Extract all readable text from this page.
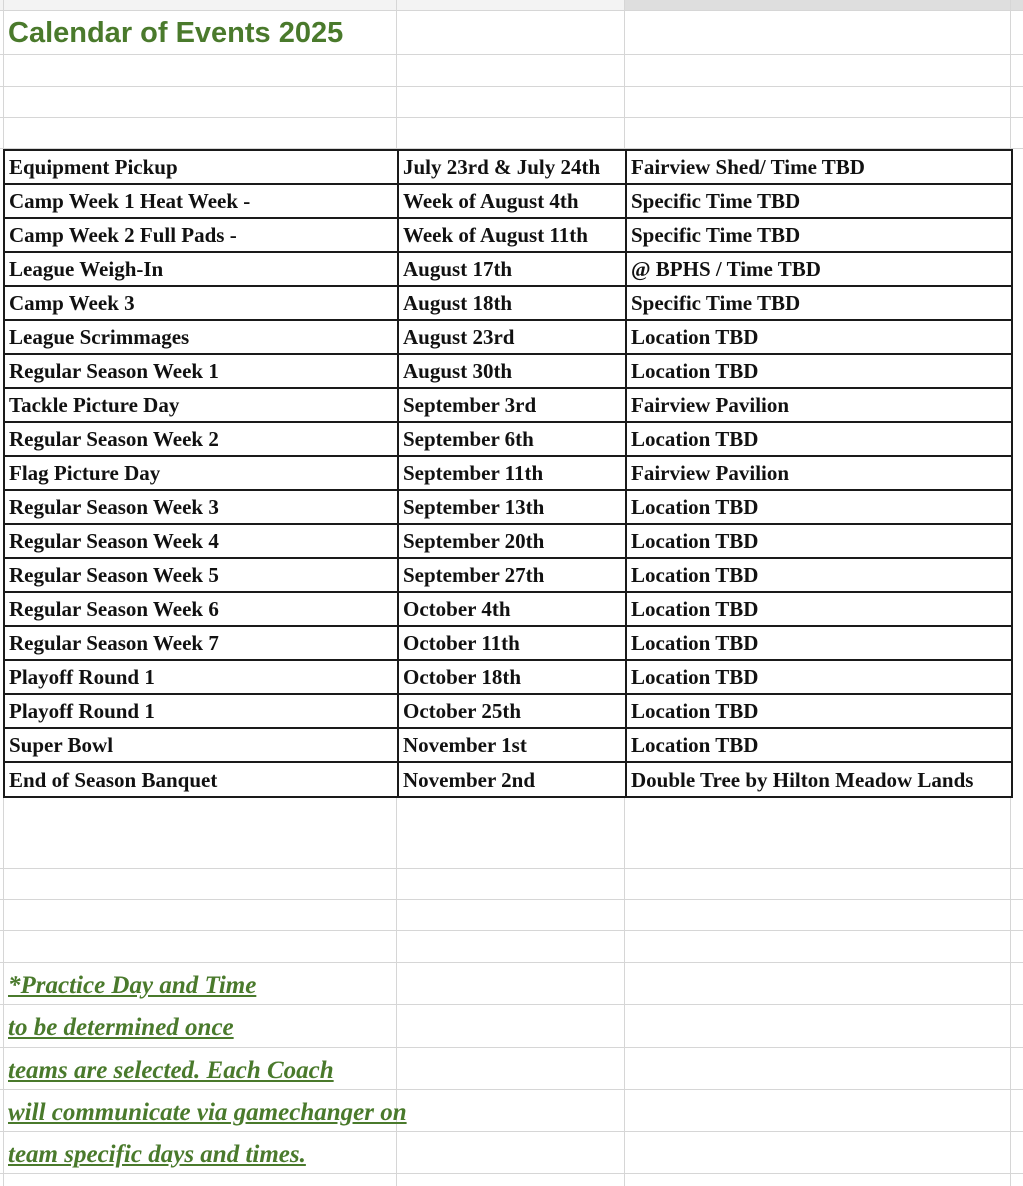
Calendar of Events 2025
Equipment Pickup	July 23rd & July 24th	Fairview Shed/ Time TBD
Camp Week 1 Heat Week -	Week of August 4th	Specific Time TBD
Camp Week 2 Full Pads -	Week of August 11th	Specific Time TBD
League Weigh-In	August 17th	@ BPHS / Time TBD
Camp Week 3	August 18th	Specific Time TBD
League Scrimmages	August 23rd	Location TBD
Regular Season Week 1	August 30th	Location TBD
Tackle Picture Day	September 3rd	Fairview Pavilion
Regular Season Week 2	September 6th	Location TBD
Flag Picture Day	September 11th	Fairview Pavilion
Regular Season Week 3	September 13th	Location TBD
Regular Season Week 4	September 20th	Location TBD
Regular Season Week 5	September 27th	Location TBD
Regular Season Week 6	October 4th	Location TBD
Regular Season Week 7	October 11th	Location TBD
Playoff Round 1	October 18th	Location TBD
Playoff Round 1	October 25th	Location TBD
Super Bowl	November 1st	Location TBD
End of Season Banquet	November 2nd	Double Tree by Hilton Meadow Lands
*Practice Day and Time
to be determined once
teams are selected. Each Coach
will communicate via gamechanger on
team specific days and times.
